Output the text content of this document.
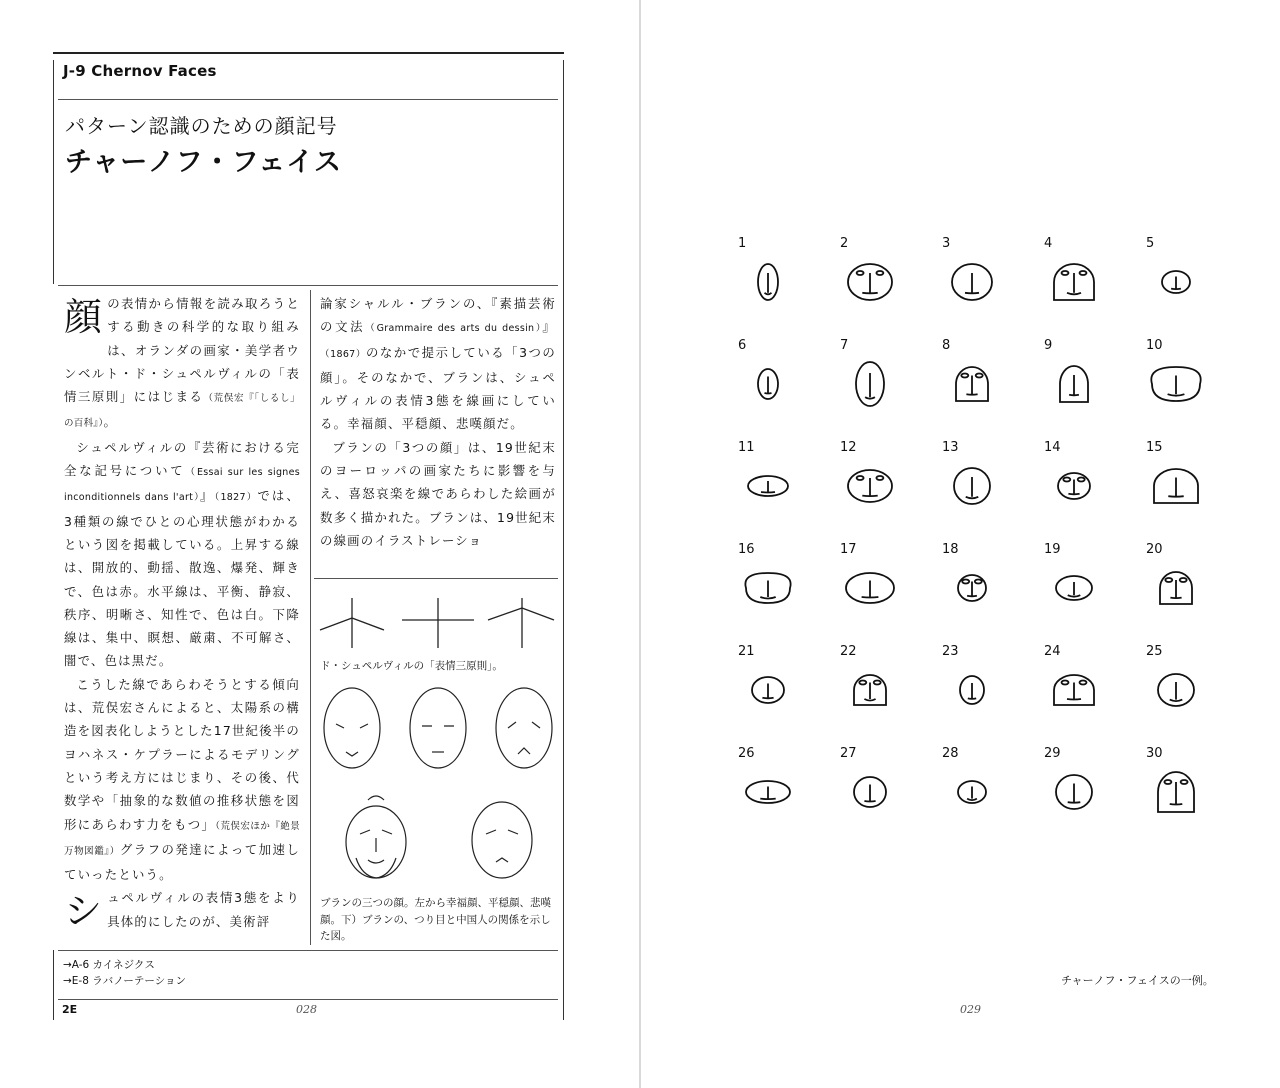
J-9 Chernov Faces
パターン認識のための顔記号
チャーノフ・フェイス

顔の表情から情報を読み取ろうとする動きの科学的な取り組みは、オランダの画家・美学者ウンベルト・ド・シュペルヴィルの「表情三原則」にはじまる（荒俣宏『「しるし」の百科』）。

シュペルヴィルの『芸術における完全な記号について（Essai sur les signes inconditionnels dans l'art）』（1827）では、3種類の線でひとの心理状態がわかるという図を掲載している。上昇する線は、開放的、動揺、散逸、爆発、輝きで、色は赤。水平線は、平衡、静寂、秩序、明晰さ、知性で、色は白。下降線は、集中、瞑想、厳粛、不可解さ、闇で、色は黒だ。

こうした線であらわそうとする傾向は、荒俣宏さんによると、太陽系の構造を図表化しようとした17世紀後半のヨハネス・ケプラーによるモデリングという考え方にはじまり、その後、代数学や「抽象的な数値の推移状態を図形にあらわす力をもつ」（荒俣宏ほか『絶景万物図鑑』）グラフの発達によって加速していったという。

シュペルヴィルの表情3態をより具体的にしたのが、美術評

論家シャルル・ブランの、『素描芸術の文法（Grammaire des arts du dessin）』（1867）のなかで提示している「3つの顔」。そのなかで、ブランは、シュペルヴィルの表情3態を線画にしている。幸福顔、平穏顔、悲嘆顔だ。

ブランの「3つの顔」は、19世紀末のヨーロッパの画家たちに影響を与え、喜怒哀楽を線であらわした絵画が数多く描かれた。ブランは、19世紀末の線画のイラストレーショ

ド・シュペルヴィルの「表情三原則」。
ブランの三つの顔。左から幸福顔、平穏顔、悲嘆顔。下）ブランの、つり目と中国人の関係を示した図。
→A-6 カイネジクス
→E-8 ラバノーテーション
2E	028
1	2	3	4	5
6	7	8	9	10
11	12	13	14	15
16	17	18	19	20
21	22	23	24	25
26	27	28	29	30
チャーノフ・フェイスの一例。
029
